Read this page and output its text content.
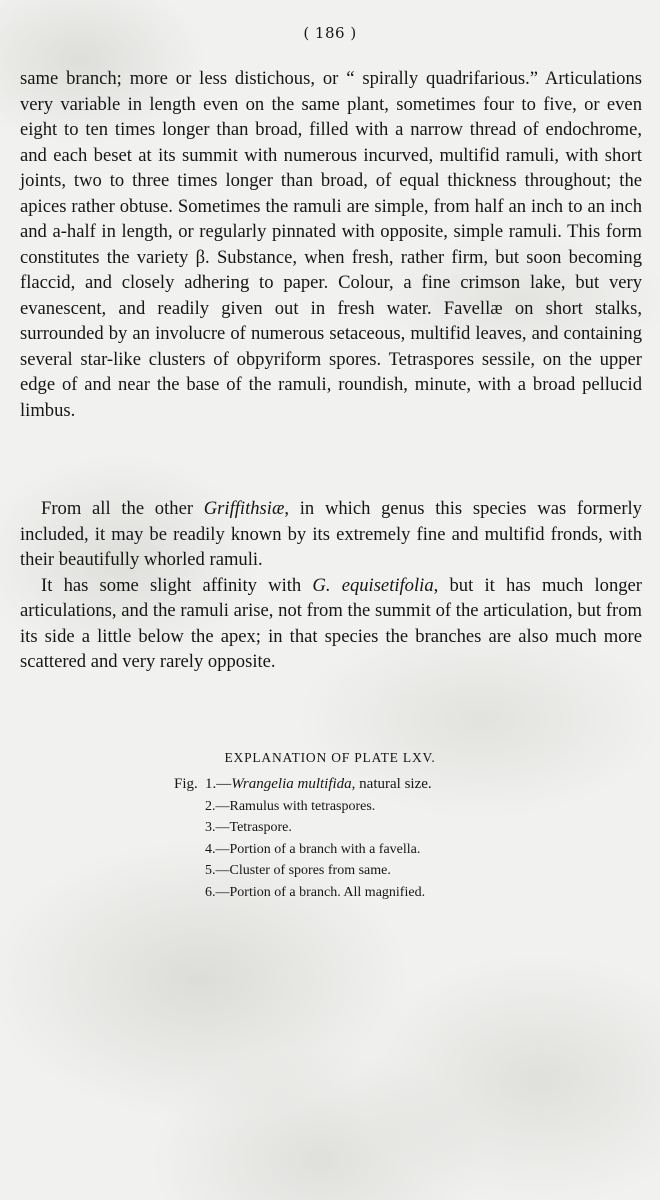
( 186 )

same branch; more or less distichous, or “ spirally quadrifarious.” Articulations very variable in length even on the same plant, sometimes four to five, or even eight to ten times longer than broad, filled with a narrow thread of endochrome, and each beset at its summit with numerous incurved, multifid ramuli, with short joints, two to three times longer than broad, of equal thickness throughout; the apices rather obtuse. Sometimes the ramuli are simple, from half an inch to an inch and a-half in length, or regularly pinnated with opposite, simple ramuli. This form constitutes the variety β. Substance, when fresh, rather firm, but soon becoming flaccid, and closely adhering to paper. Colour, a fine crimson lake, but very evanescent, and readily given out in fresh water. Favellæ on short stalks, surrounded by an involucre of numerous setaceous, multifid leaves, and containing several star-like clusters of obpyriform spores. Tetraspores sessile, on the upper edge of and near the base of the ramuli, roundish, minute, with a broad pellucid limbus.

From all the other Griffithsiæ, in which genus this species was formerly included, it may be readily known by its extremely fine and multifid fronds, with their beautifully whorled ramuli.

It has some slight affinity with G. equisetifolia, but it has much longer articulations, and the ramuli arise, not from the summit of the articulation, but from its side a little below the apex; in that species the branches are also much more scattered and very rarely opposite.

EXPLANATION OF PLATE LXV.
Fig. 1.—Wrangelia multifida, natural size.
2.—Ramulus with tetraspores.
3.—Tetraspore.
4.—Portion of a branch with a favella.
5.—Cluster of spores from same.
6.—Portion of a branch. All magnified.
